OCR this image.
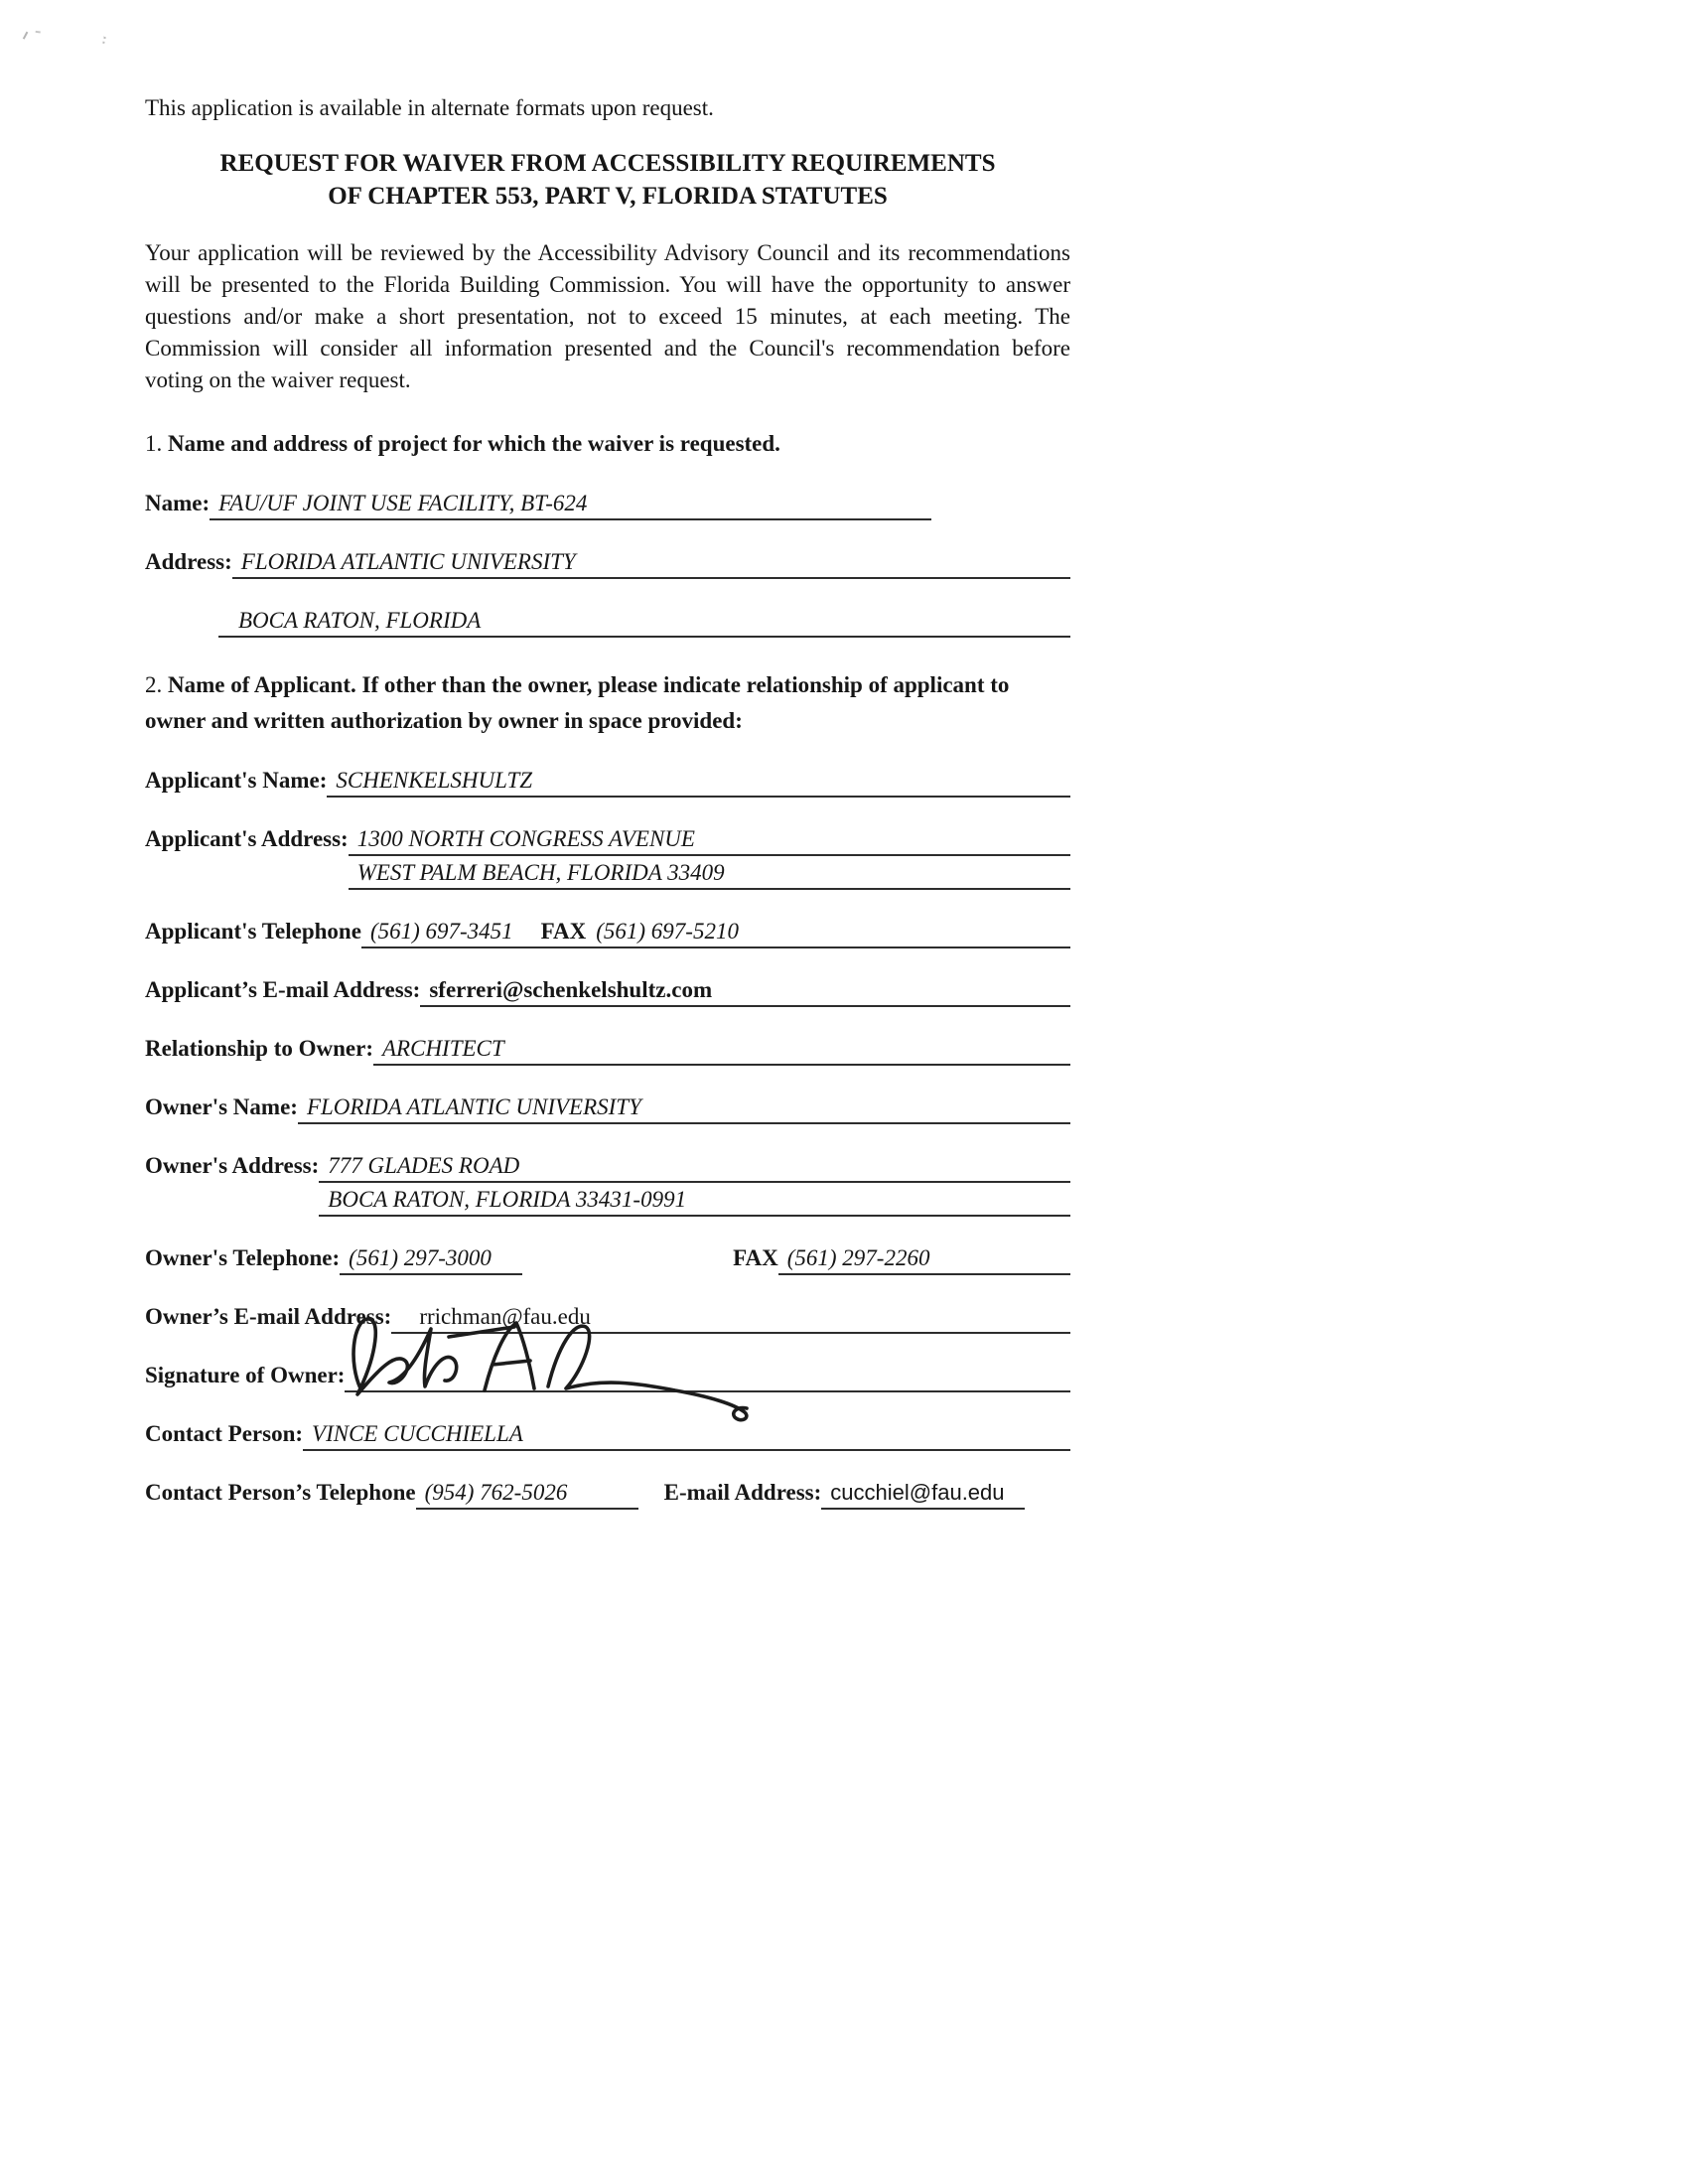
This application is available in alternate formats upon request.

REQUEST FOR WAIVER FROM ACCESSIBILITY REQUIREMENTS
OF CHAPTER 553, PART V, FLORIDA STATUTES

Your application will be reviewed by the Accessibility Advisory Council and its recommendations will be presented to the Florida Building Commission. You will have the opportunity to answer questions and/or make a short presentation, not to exceed 15 minutes, at each meeting. The Commission will consider all information presented and the Council's recommendation before voting on the waiver request.

1. Name and address of project for which the waiver is requested.

Name: FAU/UF JOINT USE FACILITY, BT-624
Address: FLORIDA ATLANTIC UNIVERSITY
BOCA RATON, FLORIDA

2. Name of Applicant. If other than the owner, please indicate relationship of applicant to owner and written authorization by owner in space provided:

Applicant's Name: SCHENKELSHULTZ
Applicant's Address: 1300 NORTH CONGRESS AVENUE
WEST PALM BEACH, FLORIDA 33409
Applicant's Telephone (561) 697-3451	FAX (561) 697-5210
Applicant’s E-mail Address: sferreri@schenkelshultz.com
Relationship to Owner: ARCHITECT
Owner's Name: FLORIDA ATLANTIC UNIVERSITY
Owner's Address: 777 GLADES ROAD
BOCA RATON, FLORIDA 33431-0991
Owner's Telephone: (561) 297-3000	FAX (561) 297-2260
Owner’s E-mail Address:	rrichman@fau.edu
Signature of Owner:

Contact Person: VINCE CUCCHIELLA
Contact Person’s Telephone (954) 762-5026	E-mail Address: cucchiel@fau.edu
